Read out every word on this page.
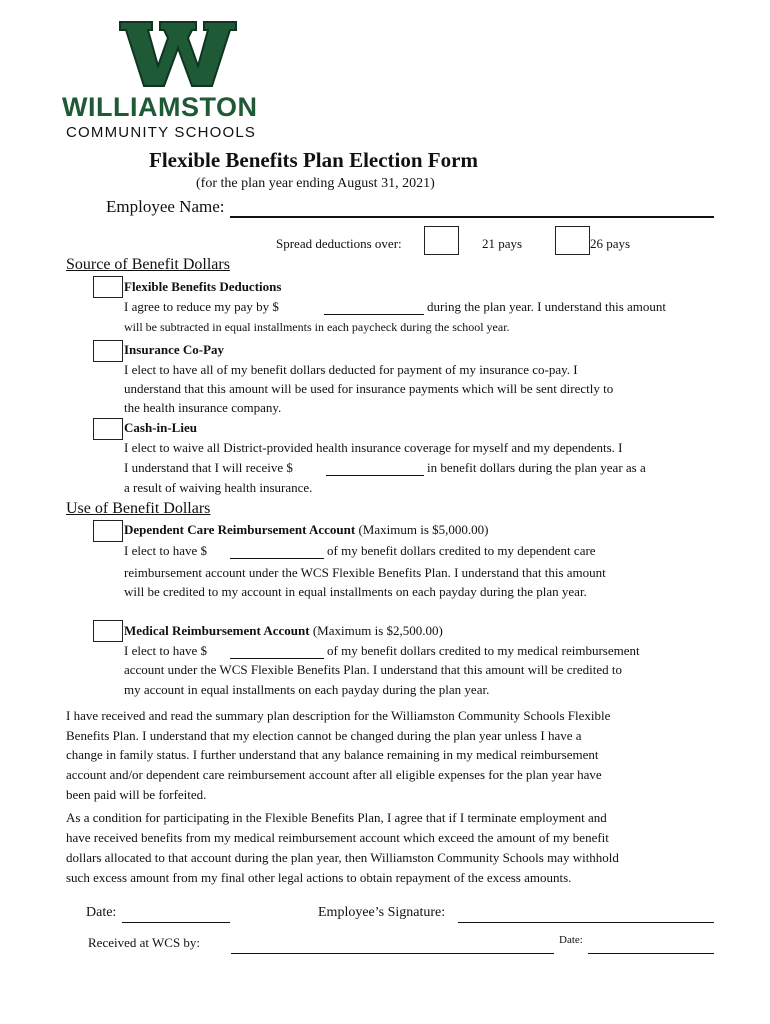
WILLIAMSTON
COMMUNITY SCHOOLS
Flexible Benefits Plan Election Form
(for the plan year ending August 31, 2021)
Employee Name:
Spread deductions over:	21 pays	26 pays
Source of Benefit Dollars
Flexible Benefits Deductions
I agree to reduce my pay by $	during the plan year. I understand this amount
will be subtracted in equal installments in each paycheck during the school year.
Insurance Co-Pay
I elect to have all of my benefit dollars deducted for payment of my insurance co-pay. I
understand that this amount will be used for insurance payments which will be sent directly to
the health insurance company.
Cash-in-Lieu
I elect to waive all District-provided health insurance coverage for myself and my dependents. I
I understand that I will receive $	in benefit dollars during the plan year as a
a result of waiving health insurance.
Use of Benefit Dollars
Dependent Care Reimbursement Account (Maximum is $5,000.00)
I elect to have $	of my benefit dollars credited to my dependent care
reimbursement account under the WCS Flexible Benefits Plan. I understand that this amount
will be credited to my account in equal installments on each payday during the plan year.
Medical Reimbursement Account (Maximum is $2,500.00)
I elect to have $	of my benefit dollars credited to my medical reimbursement
account under the WCS Flexible Benefits Plan. I understand that this amount will be credited to
my account in equal installments on each payday during the plan year.
I have received and read the summary plan description for the Williamston Community Schools Flexible
Benefits Plan. I understand that my election cannot be changed during the plan year unless I have a
change in family status. I further understand that any balance remaining in my medical reimbursement
account and/or dependent care reimbursement account after all eligible expenses for the plan year have
been paid will be forfeited.
As a condition for participating in the Flexible Benefits Plan, I agree that if I terminate employment and
have received benefits from my medical reimbursement account which exceed the amount of my benefit
dollars allocated to that account during the plan year, then Williamston Community Schools may withhold
such excess amount from my final other legal actions to obtain repayment of the excess amounts.
Date:	Employee’s Signature:
Received at WCS by:	Date:
